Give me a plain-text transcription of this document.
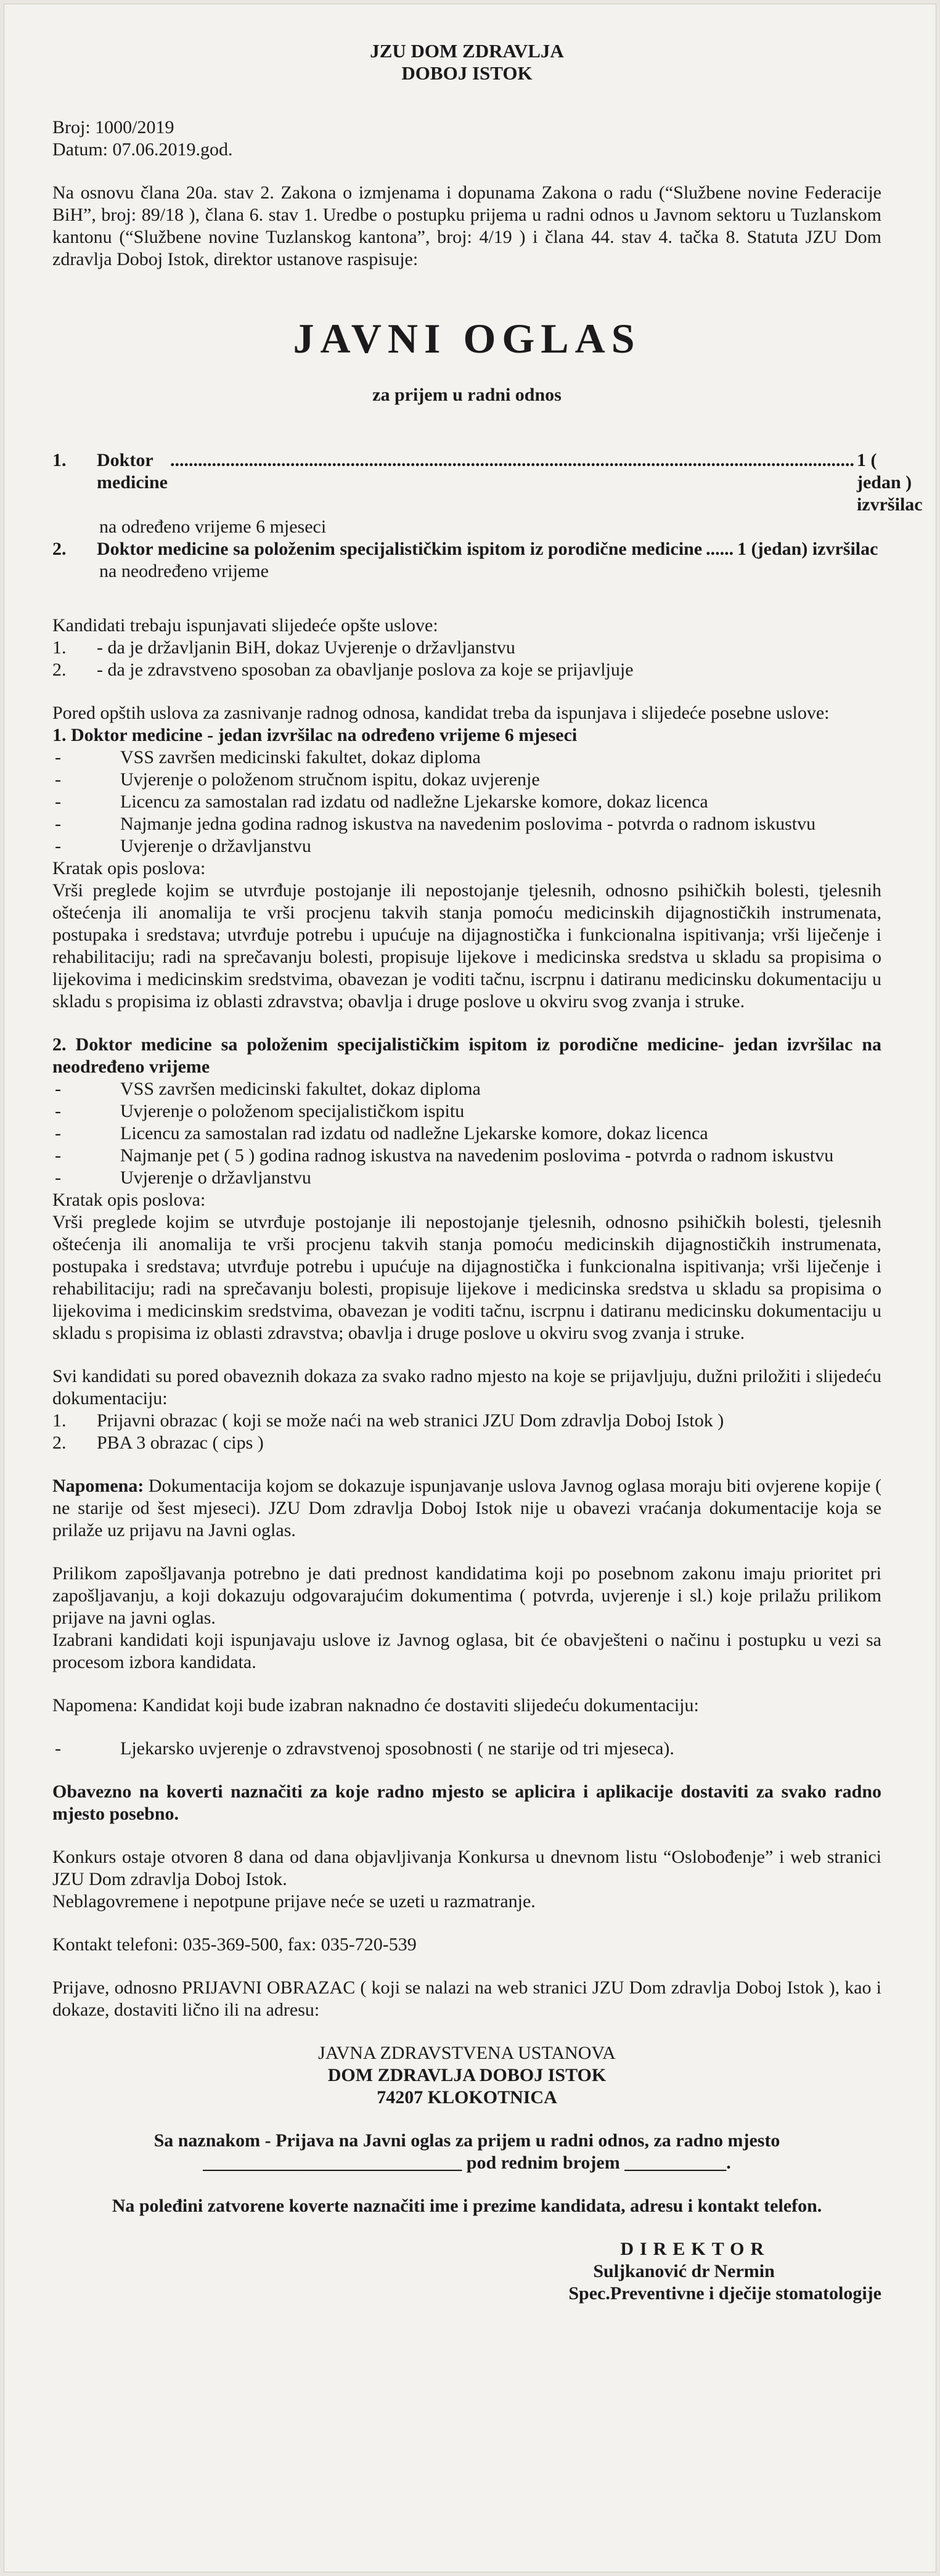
JZU DOM ZDRAVLJA

DOBOJ ISTOK

Broj: 1000/2019

Datum: 07.06.2019.god.

Na osnovu člana 20a. stav 2. Zakona o izmjenama i dopunama Zakona o radu (“Službene novine Federacije BiH”, broj: 89/18 ), člana 6. stav 1. Uredbe o postupku prijema u radni odnos u Javnom sektoru u Tuzlanskom kantonu (“Službene novine Tuzlanskog kantona”, broj: 4/19 ) i člana 44. stav 4. tačka 8. Statuta JZU Dom zdravlja Doboj Istok, direktor ustanove raspisuje:

JAVNI OGLAS

za prijem u radni odnos

1. Doktor medicine
.................................................................................................................................................... 1 ( jedan ) izvršilac
na određeno vrijeme 6 mjeseci
2. Doktor medicine sa položenim specijalističkim ispitom iz porodične medicine ...... 1 (jedan) izvršilac
na neodređeno vrijeme

Kandidati trebaju ispunjavati slijedeće opšte uslove:

1.	- da je državljanin BiH, dokaz Uvjerenje o državljanstvu
2.	- da je zdravstveno sposoban za obavljanje poslova za koje se prijavljuje

Pored opštih uslova za zasnivanje radnog odnosa, kandidat treba da ispunjava i slijedeće posebne uslove:

1. Doktor medicine - jedan izvršilac na određeno vrijeme 6 mjeseci

-	VSS završen medicinski fakultet, dokaz diploma
-	Uvjerenje o položenom stručnom ispitu, dokaz uvjerenje
-	Licencu za samostalan rad izdatu od nadležne Ljekarske komore, dokaz licenca
-	Najmanje jedna godina radnog iskustva na navedenim poslovima - potvrda o radnom iskustvu
-	Uvjerenje o državljanstvu

Kratak opis poslova:

Vrši preglede kojim se utvrđuje postojanje ili nepostojanje tjelesnih, odnosno psihičkih bolesti, tjelesnih oštećenja ili anomalija te vrši procjenu takvih stanja pomoću medicinskih dijagnostičkih instrumenata, postupaka i sredstava; utvrđuje potrebu i upućuje na dijagnostička i funkcionalna ispitivanja; vrši liječenje i rehabilitaciju; radi na sprečavanju bolesti, propisuje lijekove i medicinska sredstva u skladu sa propisima o lijekovima i medicinskim sredstvima, obavezan je voditi tačnu, iscrpnu i datiranu medicinsku dokumentaciju u skladu s propisima iz oblasti zdravstva; obavlja i druge poslove u okviru svog zvanja i struke.

2. Doktor medicine sa položenim specijalističkim ispitom iz porodične medicine- jedan izvršilac na neodređeno vrijeme

-	VSS završen medicinski fakultet, dokaz diploma
-	Uvjerenje o položenom specijalističkom ispitu
-	Licencu za samostalan rad izdatu od nadležne Ljekarske komore, dokaz licenca
-	Najmanje pet ( 5 ) godina radnog iskustva na navedenim poslovima - potvrda o radnom iskustvu
-	Uvjerenje o državljanstvu

Kratak opis poslova:

Vrši preglede kojim se utvrđuje postojanje ili nepostojanje tjelesnih, odnosno psihičkih bolesti, tjelesnih oštećenja ili anomalija te vrši procjenu takvih stanja pomoću medicinskih dijagnostičkih instrumenata, postupaka i sredstava; utvrđuje potrebu i upućuje na dijagnostička i funkcionalna ispitivanja; vrši liječenje i rehabilitaciju; radi na sprečavanju bolesti, propisuje lijekove i medicinska sredstva u skladu sa propisima o lijekovima i medicinskim sredstvima, obavezan je voditi tačnu, iscrpnu i datiranu medicinsku dokumentaciju u skladu s propisima iz oblasti zdravstva; obavlja i druge poslove u okviru svog zvanja i struke.

Svi kandidati su pored obaveznih dokaza za svako radno mjesto na koje se prijavljuju, dužni priložiti i slijedeću dokumentaciju:

1.	Prijavni obrazac ( koji se može naći na web stranici JZU Dom zdravlja Doboj Istok )
2.	PBA 3 obrazac ( cips )

Napomena: Dokumentacija kojom se dokazuje ispunjavanje uslova Javnog oglasa moraju biti ovjerene kopije ( ne starije od šest mjeseci). JZU Dom zdravlja Doboj Istok nije u obavezi vraćanja dokumentacije koja se prilaže uz prijavu na Javni oglas.

Prilikom zapošljavanja potrebno je dati prednost kandidatima koji po posebnom zakonu imaju prioritet pri zapošljavanju, a koji dokazuju odgovarajućim dokumentima ( potvrda, uvjerenje i sl.) koje prilažu prilikom prijave na javni oglas.

Izabrani kandidati koji ispunjavaju uslove iz Javnog oglasa, bit će obavješteni o načinu i postupku u vezi sa procesom izbora kandidata.

Napomena: Kandidat koji bude izabran naknadno će dostaviti slijedeću dokumentaciju:

-	Ljekarsko uvjerenje o zdravstvenoj sposobnosti ( ne starije od tri mjeseca).

Obavezno na koverti naznačiti za koje radno mjesto se aplicira i aplikacije dostaviti za svako radno mjesto posebno.

Konkurs ostaje otvoren 8 dana od dana objavljivanja Konkursa u dnevnom listu “Oslobođenje” i web stranici JZU Dom zdravlja Doboj Istok.

Neblagovremene i nepotpune prijave neće se uzeti u razmatranje.

Kontakt telefoni: 035-369-500, fax: 035-720-539

Prijave, odnosno PRIJAVNI OBRAZAC ( koji se nalazi na web stranici JZU Dom zdravlja Doboj Istok ), kao i dokaze, dostaviti lično ili na adresu:

JAVNA ZDRAVSTVENA USTANOVA

DOM ZDRAVLJA DOBOJ ISTOK

74207 KLOKOTNICA

Sa naznakom - Prijava na Javni oglas za prijem u radni odnos, za radno mjesto

____________________________ pod rednim brojem ___________.

Na poleđini zatvorene koverte naznačiti ime i prezime kandidata, adresu i kontakt telefon.

DIREKTOR
Suljkanović dr Nermin
Spec.Preventivne i dječije stomatologije
